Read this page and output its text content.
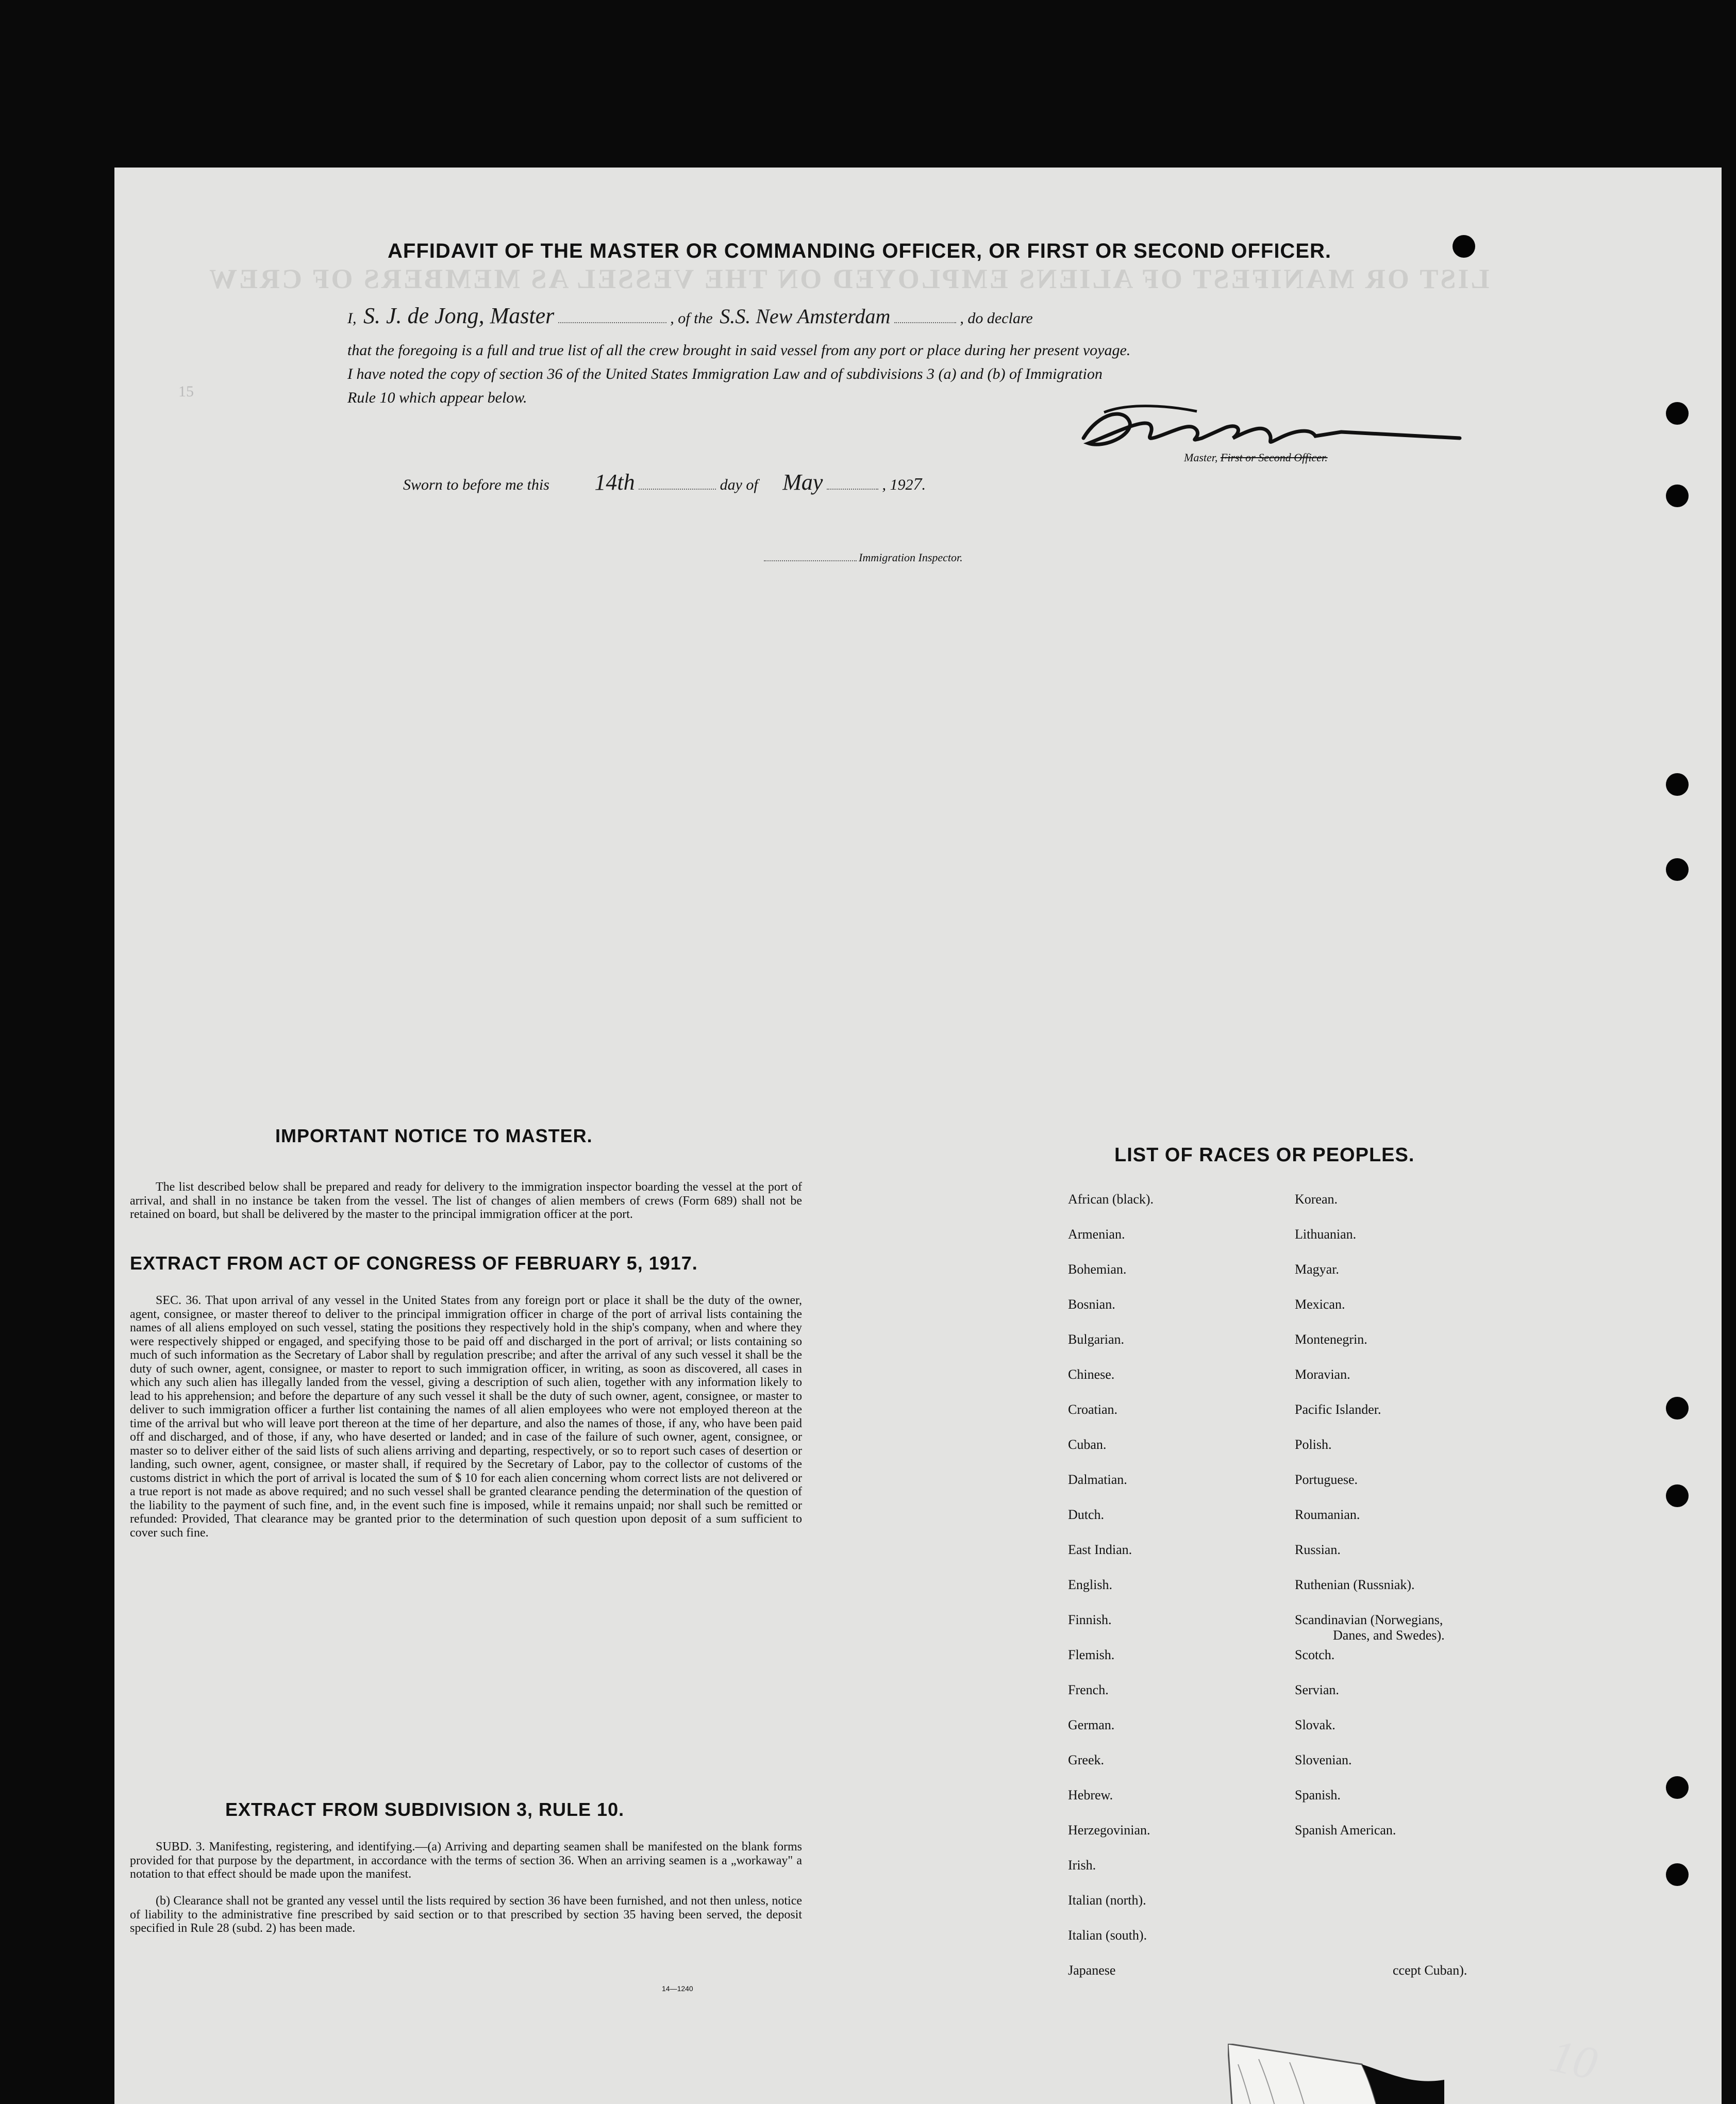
LIST OR MANIFEST OF ALIENS EMPLOYED ON THE VESSEL AS MEMBERS OF CREW
15
AFFIDAVIT OF THE MASTER OR COMMANDING OFFICER, OR FIRST OR SECOND OFFICER.
I, S. J. de Jong, Master	, of the S.S. New Amsterdam	, do declare
that the foregoing is a full and true list of all the crew brought in said vessel from any port or place during her present voyage.
I have noted the copy of section 36 of the United States Immigration Law and of subdivisions 3 (a) and (b) of Immigration
Rule 10 which appear below.
Master, First or Second Officer.
Sworn to before me this 14th	day of May	, 1927.
Immigration Inspector.
IMPORTANT NOTICE TO MASTER.
The list described below shall be prepared and ready for delivery to the immigration inspector boarding the vessel at the port of arrival, and shall in no instance be taken from the vessel. The list of changes of alien members of crews (Form 689) shall not be retained on board, but shall be delivered by the master to the principal immigration officer at the port.
EXTRACT FROM ACT OF CONGRESS OF FEBRUARY 5, 1917.
SEC. 36. That upon arrival of any vessel in the United States from any foreign port or place it shall be the duty of the owner, agent, consignee, or master thereof to deliver to the principal immigration officer in charge of the port of arrival lists containing the names of all aliens employed on such vessel, stating the positions they respectively hold in the ship's company, when and where they were respectively shipped or engaged, and specifying those to be paid off and discharged in the port of arrival; or lists containing so much of such information as the Secretary of Labor shall by regulation prescribe; and after the arrival of any such vessel it shall be the duty of such owner, agent, consignee, or master to report to such immigration officer, in writing, as soon as discovered, all cases in which any such alien has illegally landed from the vessel, giving a description of such alien, together with any information likely to lead to his apprehension; and before the departure of any such vessel it shall be the duty of such owner, agent, consignee, or master to deliver to such immigration officer a further list containing the names of all alien employees who were not employed thereon at the time of the arrival but who will leave port thereon at the time of her departure, and also the names of those, if any, who have been paid off and discharged, and of those, if any, who have deserted or landed; and in case of the failure of such owner, agent, consignee, or master so to deliver either of the said lists of such aliens arriving and departing, respectively, or so to report such cases of desertion or landing, such owner, agent, consignee, or master shall, if required by the Secretary of Labor, pay to the collector of customs of the customs district in which the port of arrival is located the sum of $ 10 for each alien concerning whom correct lists are not delivered or a true report is not made as above required; and no such vessel shall be granted clearance pending the determination of the question of the liability to the payment of such fine, and, in the event such fine is imposed, while it remains unpaid; nor shall such be remitted or refunded: Provided, That clearance may be granted prior to the determination of such question upon deposit of a sum sufficient to cover such fine.
EXTRACT FROM SUBDIVISION 3, RULE 10.
SUBD. 3. Manifesting, registering, and identifying.—(a) Arriving and departing seamen shall be manifested on the blank forms provided for that purpose by the department, in accordance with the terms of section 36. When an arriving seamen is a „workaway" a notation to that effect should be made upon the manifest.
(b) Clearance shall not be granted any vessel until the lists required by section 36 have been furnished, and not then unless, notice of liability to the administrative fine prescribed by said section or to that prescribed by section 35 having been served, the deposit specified in Rule 28 (subd. 2) has been made.
14—1240
LIST OF RACES OR PEOPLES.
African (black).
Armenian.
Bohemian.
Bosnian.
Bulgarian.
Chinese.
Croatian.
Cuban.
Dalmatian.
Dutch.
East Indian.
English.
Finnish.
Flemish.
French.
German.
Greek.
Hebrew.
Herzegovinian.
Irish.
Italian (north).
Italian (south).
Japanese
Korean.
Lithuanian.
Magyar.
Mexican.
Montenegrin.
Moravian.
Pacific Islander.
Polish.
Portuguese.
Roumanian.
Russian.
Ruthenian (Russniak).
Scandinavian (Norwegians,
Danes, and Swedes).
Scotch.
Servian.
Slovak.
Slovenian.
Spanish.
Spanish American.
ccept Cuban).
10
